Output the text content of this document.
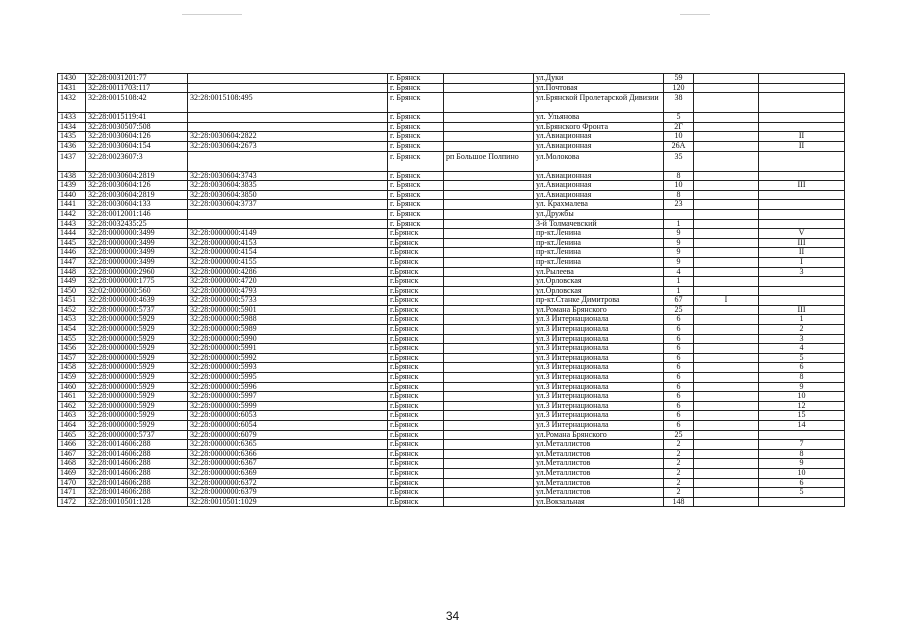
1430	32:28:0031201:77		г. Брянск		ул.Дуки	59		
1431	32:28:0011703:117		г. Брянск		ул.Почтовая	120		
1432	32:28:0015108:42	32:28:0015108:495	г. Брянск		ул.Брянской Пролетарской Дивизии	38		
1433	32:28:0015119:41		г. Брянск		ул. Ульянова	5		
1434	32:28:0030507:508		г. Брянск		ул.Брянского Фронта	2Г		
1435	32:28:0030604:126	32:28:0030604:2822	г. Брянск		ул.Авиационная	10		II
1436	32:28:0030604:154	32:28:0030604:2673	г. Брянск		ул.Авиационная	26А		II
1437	32:28:0023607:3		г. Брянск	рп Большое Полпино	ул.Молокова	35		
1438	32:28:0030604:2819	32:28:0030604:3743	г. Брянск		ул.Авиационная	8		
1439	32:28:0030604:126	32:28:0030604:3835	г. Брянск		ул.Авиационная	10		III
1440	32:28:0030604:2819	32:28:0030604:3850	г. Брянск		ул.Авиационная	8		
1441	32:28:0030604:133	32:28:0030604:3737	г. Брянск		ул. Крахмалева	23		
1442	32:28:0012001:146		г. Брянск		ул.Дружбы			
1443	32:28:0032435:25		г. Брянск		3-й Толмачевский	1		
1444	32:28:0000000:3499	32:28:0000000:4149	г.Брянск		пр-кт.Ленина	9		V
1445	32:28:0000000:3499	32:28:0000000:4153	г.Брянск		пр-кт.Ленина	9		III
1446	32:28:0000000:3499	32:28:0000000:4154	г.Брянск		пр-кт.Ленина	9		II
1447	32:28:0000000:3499	32:28:0000000:4155	г.Брянск		пр-кт.Ленина	9		I
1448	32:28:0000000:2960	32:28:0000000:4286	г.Брянск		ул.Рылеева	4		3
1449	32:28:0000000:1775	32:28:0000000:4720	г.Брянск		ул.Орловская	1		
1450	32:02:0000000:560	32:28:0000000:4793	г.Брянск		ул.Орловская	1		
1451	32:28:0000000:4639	32:28:0000000:5733	г.Брянск		пр-кт.Станке Димитрова	67	I	
1452	32:28:0000000:5737	32:28:0000000:5901	г.Брянск		ул.Романа Брянского	25		III
1453	32:28:0000000:5929	32:28:0000000:5988	г.Брянск		ул.3 Интернационала	6		1
1454	32:28:0000000:5929	32:28:0000000:5989	г.Брянск		ул.3 Интернационала	6		2
1455	32:28:0000000:5929	32:28:0000000:5990	г.Брянск		ул.3 Интернационала	6		3
1456	32:28:0000000:5929	32:28:0000000:5991	г.Брянск		ул.3 Интернационала	6		4
1457	32:28:0000000:5929	32:28:0000000:5992	г.Брянск		ул.3 Интернационала	6		5
1458	32:28:0000000:5929	32:28:0000000:5993	г.Брянск		ул.3 Интернационала	6		6
1459	32:28:0000000:5929	32:28:0000000:5995	г.Брянск		ул.3 Интернационала	6		8
1460	32:28:0000000:5929	32:28:0000000:5996	г.Брянск		ул.3 Интернационала	6		9
1461	32:28:0000000:5929	32:28:0000000:5997	г.Брянск		ул.3 Интернационала	6		10
1462	32:28:0000000:5929	32:28:0000000:5999	г.Брянск		ул.3 Интернационала	6		12
1463	32:28:0000000:5929	32:28:0000000:6053	г.Брянск		ул.3 Интернационала	6		15
1464	32:28:0000000:5929	32:28:0000000:6054	г.Брянск		ул.3 Интернационала	6		14
1465	32:28:0000000:5737	32:28:0000000:6079	г.Брянск		ул.Романа Брянского	25		
1466	32:28:0014606:288	32:28:0000000:6365	г.Брянск		ул.Металлистов	2		7
1467	32:28:0014606:288	32:28:0000000:6366	г.Брянск		ул.Металлистов	2		8
1468	32:28:0014606:288	32:28:0000000:6367	г.Брянск		ул.Металлистов	2		9
1469	32:28:0014606:288	32:28:0000000:6369	г.Брянск		ул.Металлистов	2		10
1470	32:28:0014606:288	32:28:0000000:6372	г.Брянск		ул.Металлистов	2		6
1471	32:28:0014606:288	32:28:0000000:6379	г.Брянск		ул.Металлистов	2		5
1472	32:28:0010501:128	32:28:0010501:1029	г.Брянск		ул.Вокзальная	148		
34
